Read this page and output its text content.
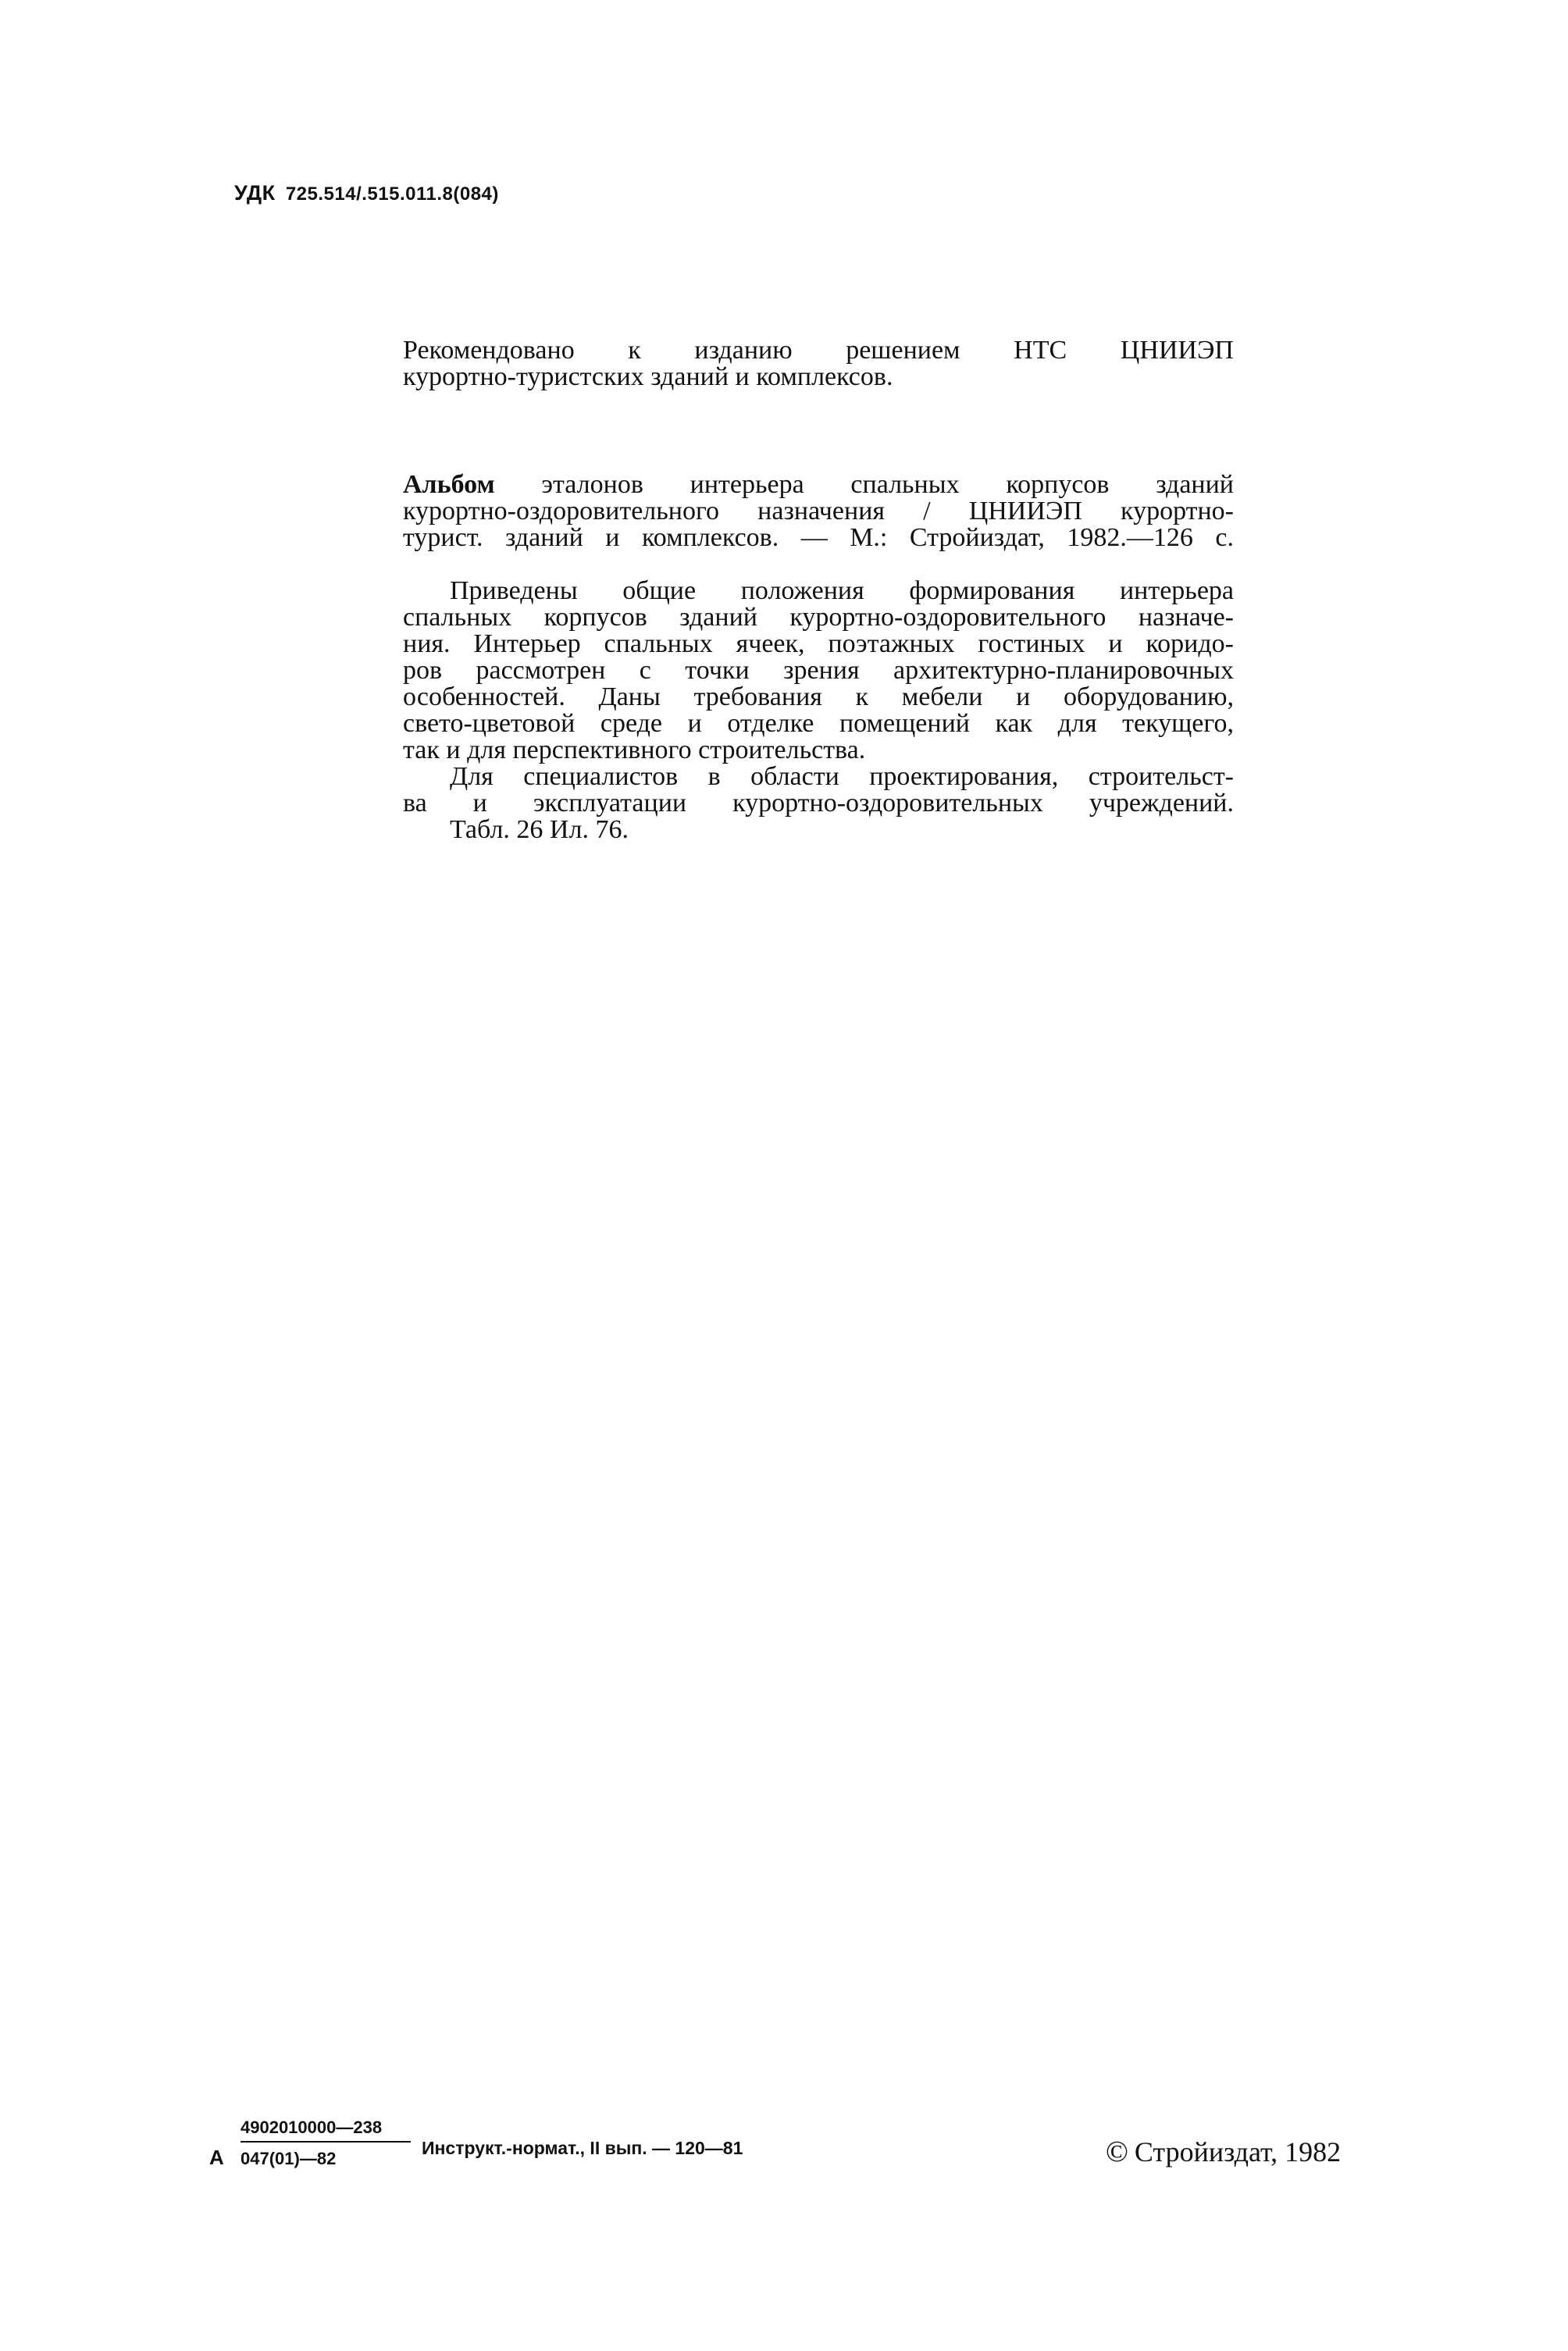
УДК 725.514/.515.011.8(084)

Рекомендовано к изданию решением НТС ЦНИИЭП
курортно-туристских зданий и комплексов.
Альбом эталонов интерьера спальных корпусов зданий
курортно-оздоровительного назначения / ЦНИИЭП курортно-
турист. зданий и комплексов. — М.: Стройиздат, 1982.—126 с.
Приведены общие положения формирования интерьера
спальных корпусов зданий курортно-оздоровительного назначе-
ния. Интерьер спальных ячеек, поэтажных гостиных и коридо-
ров рассмотрен с точки зрения архитектурно-планировочных
особенностей. Даны требования к мебели и оборудованию,
свето-цветовой среде и отделке помещений как для текущего,
так и для перспективного строительства.
Для специалистов в области проектирования, строительст-
ва и эксплуатации курортно-оздоровительных учреждений.
Табл. 26 Ил. 76.

А $\frac{4902010000—238}{047(01)—82}$ Инструкт.-нормат., II вып. — 120—81	© Стройиздат, 1982
